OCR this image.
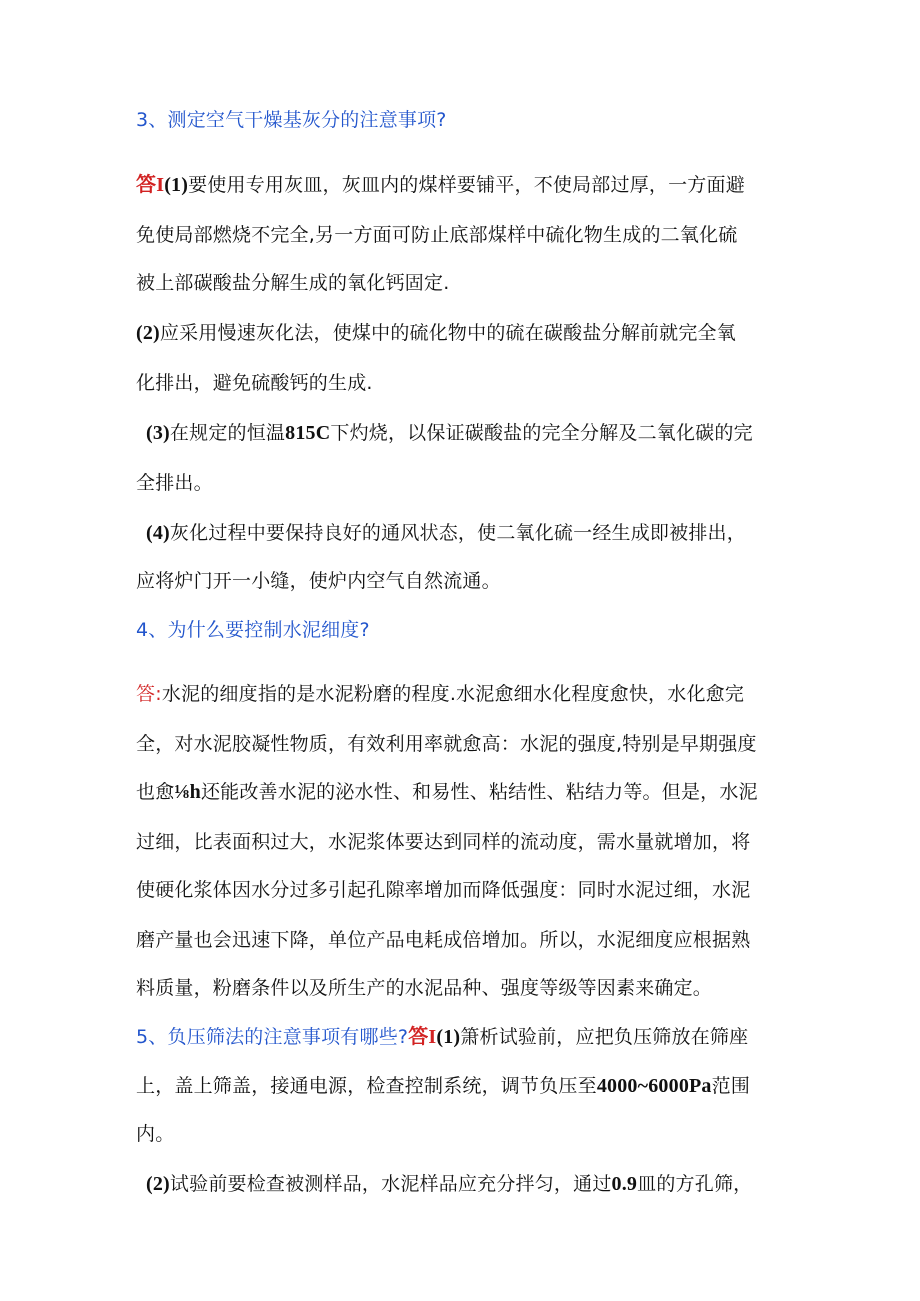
3、测定空气干燥基灰分的注意事项?
答I(1)要使用专用灰皿，灰皿内的煤样要铺平，不使局部过厚，一方面避
免使局部燃烧不完全,另一方面可防止底部煤样中硫化物生成的二氧化硫
被上部碳酸盐分解生成的氧化钙固定.
(2)应采用慢速灰化法，使煤中的硫化物中的硫在碳酸盐分解前就完全氧
化排出，避免硫酸钙的生成.
(3)在规定的恒温815C下灼烧，以保证碳酸盐的完全分解及二氧化碳的完
全排出。
(4)灰化过程中要保持良好的通风状态，使二氧化硫一经生成即被排出，
应将炉门开一小缝，使炉内空气自然流通。
4、为什么要控制水泥细度?
答:水泥的细度指的是水泥粉磨的程度.水泥愈细水化程度愈快，水化愈完
全，对水泥胶凝性物质，有效利用率就愈高：水泥的强度,特别是早期强度
也愈⅛h还能改善水泥的泌水性、和易性、粘结性、粘结力等。但是，水泥
过细，比表面积过大，水泥浆体要达到同样的流动度，需水量就增加，将
使硬化浆体因水分过多引起孔隙率增加而降低强度：同时水泥过细，水泥
磨产量也会迅速下降，单位产品电耗成倍增加。所以，水泥细度应根据熟
料质量，粉磨条件以及所生产的水泥品种、强度等级等因素来确定。
5、负压筛法的注意事项有哪些?答I(1)箫析试验前，应把负压筛放在筛座
上，盖上筛盖，接通电源，检查控制系统，调节负压至4000~6000Pa范围
内。
(2)试验前要检查被测样品，水泥样品应充分拌匀，通过0.9皿的方孔筛，
